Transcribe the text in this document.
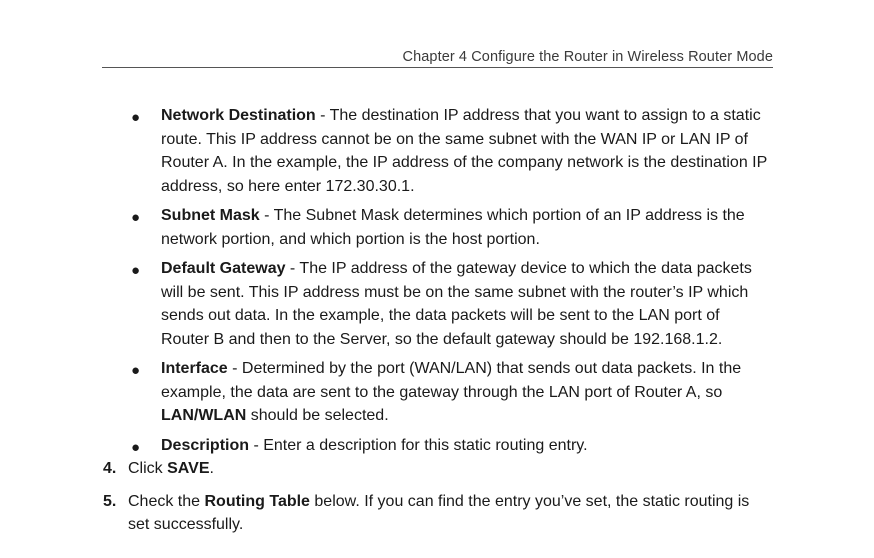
Chapter 4 Configure the Router in Wireless Router Mode
● Network Destination - The destination IP address that you want to assign to a static route. This IP address cannot be on the same subnet with the WAN IP or LAN IP of Router A. In the example, the IP address of the company network is the destination IP address, so here enter 172.30.30.1.
● Subnet Mask - The Subnet Mask determines which portion of an IP address is the network portion, and which portion is the host portion.
● Default Gateway - The IP address of the gateway device to which the data packets will be sent. This IP address must be on the same subnet with the router’s IP which sends out data. In the example, the data packets will be sent to the LAN port of Router B and then to the Server, so the default gateway should be 192.168.1.2.
● Interface - Determined by the port (WAN/LAN) that sends out data packets. In the example, the data are sent to the gateway through the LAN port of Router A, so LAN/WLAN should be selected.
● Description - Enter a description for this static routing entry.
4. Click SAVE.
5. Check the Routing Table below. If you can find the entry you’ve set, the static routing is set successfully.
